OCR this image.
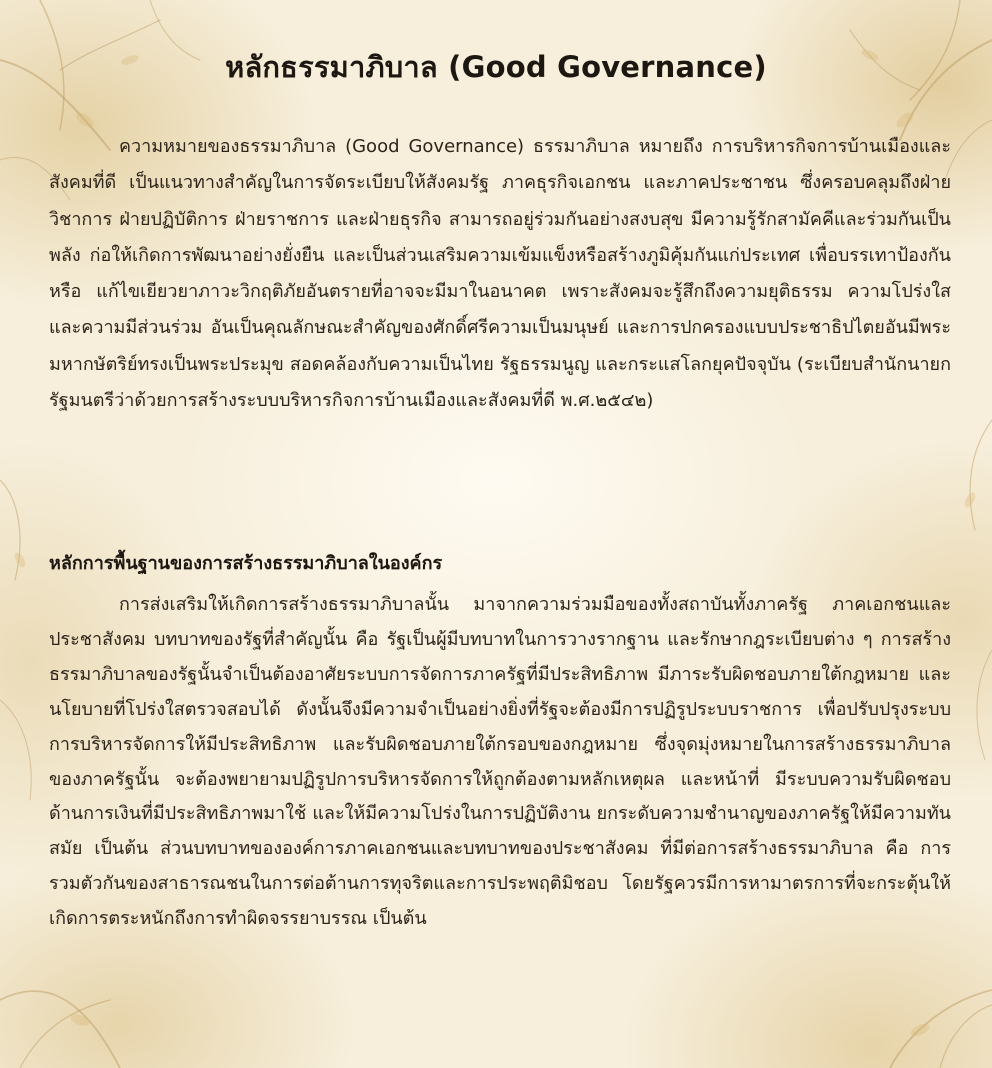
หลักธรรมาภิบาล (Good Governance)

ความหมายของธรรมาภิบาล (Good Governance) ธรรมาภิบาล หมายถึง การบริหารกิจการบ้านเมืองและสังคมที่ดี เป็นแนวทางสำคัญในการจัดระเบียบให้สังคมรัฐ ภาคธุรกิจเอกชน และภาคประชาชน ซึ่งครอบคลุมถึงฝ่ายวิชาการ ฝ่ายปฏิบัติการ ฝ่ายราชการ และฝ่ายธุรกิจ สามารถอยู่ร่วมกันอย่างสงบสุข มีความรู้รักสามัคคีและร่วมกันเป็นพลัง ก่อให้เกิดการพัฒนาอย่างยั่งยืน และเป็นส่วนเสริมความเข้มแข็งหรือสร้างภูมิคุ้มกันแก่ประเทศ เพื่อบรรเทาป้องกันหรือ แก้ไขเยียวยาภาวะวิกฤติภัยอันตรายที่อาจจะมีมาในอนาคต เพราะสังคมจะรู้สึกถึงความยุติธรรม ความโปร่งใสและความมีส่วนร่วม อันเป็นคุณลักษณะสำคัญของศักดิ์ศรีความเป็นมนุษย์ และการปกครองแบบประชาธิปไตยอันมีพระมหากษัตริย์ทรงเป็นพระประมุข สอดคล้องกับความเป็นไทย รัฐธรรมนูญ และกระแสโลกยุคปัจจุบัน (ระเบียบสำนักนายกรัฐมนตรีว่าด้วยการสร้างระบบบริหารกิจการบ้านเมืองและสังคมที่ดี พ.ศ.๒๕๔๒)

หลักการพื้นฐานของการสร้างธรรมาภิบาลในองค์กร

การส่งเสริมให้เกิดการสร้างธรรมาภิบาลนั้น มาจากความร่วมมือของทั้งสถาบันทั้งภาครัฐ ภาคเอกชนและประชาสังคม บทบาทของรัฐที่สำคัญนั้น คือ รัฐเป็นผู้มีบทบาทในการวางรากฐาน และรักษากฎระเบียบต่าง ๆ การสร้างธรรมาภิบาลของรัฐนั้นจำเป็นต้องอาศัยระบบการจัดการภาครัฐที่มีประสิทธิภาพ มีภาระรับผิดชอบภายใต้กฎหมาย และนโยบายที่โปร่งใสตรวจสอบได้ ดังนั้นจึงมีความจำเป็นอย่างยิ่งที่รัฐจะต้องมีการปฏิรูประบบราชการ เพื่อปรับปรุงระบบการบริหารจัดการให้มีประสิทธิภาพ และรับผิดชอบภายใต้กรอบของกฎหมาย ซึ่งจุดมุ่งหมายในการสร้างธรรมาภิบาลของภาครัฐนั้น จะต้องพยายามปฏิรูปการบริหารจัดการให้ถูกต้องตามหลักเหตุผล และหน้าที่ มีระบบความรับผิดชอบด้านการเงินที่มีประสิทธิภาพมาใช้ และให้มีความโปร่งในการปฏิบัติงาน ยกระดับความชำนาญของภาครัฐให้มีความทันสมัย เป็นต้น ส่วนบทบาทขององค์การภาคเอกชนและบทบาทของประชาสังคม ที่มีต่อการสร้างธรรมาภิบาล คือ การรวมตัวกันของสาธารณชนในการต่อต้านการทุจริตและการประพฤติมิชอบ โดยรัฐควรมีการหามาตรการที่จะกระตุ้นให้เกิดการตระหนักถึงการทำผิดจรรยาบรรณ เป็นต้น
